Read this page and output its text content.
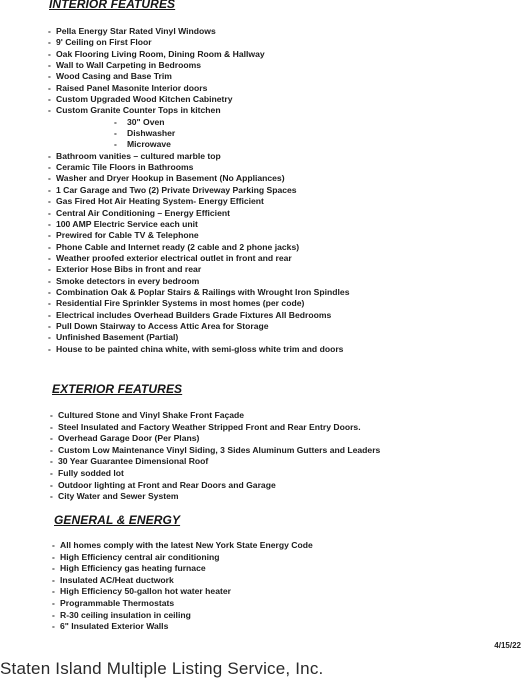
INTERIOR FEATURES
- Pella Energy Star Rated Vinyl Windows
- 9' Ceiling on First Floor
- Oak Flooring Living Room, Dining Room & Hallway
- Wall to Wall Carpeting in Bedrooms
- Wood Casing and Base Trim
- Raised Panel Masonite Interior doors
- Custom Upgraded Wood Kitchen Cabinetry
- Custom Granite Counter Tops in kitchen
- 30" Oven
- Dishwasher
- Microwave
- Bathroom vanities – cultured marble top
- Ceramic Tile Floors in Bathrooms
- Washer and Dryer Hookup in Basement (No Appliances)
- 1 Car Garage and Two (2) Private Driveway Parking Spaces
- Gas Fired Hot Air Heating System- Energy Efficient
- Central Air Conditioning – Energy Efficient
- 100 AMP Electric Service each unit
- Prewired for Cable TV & Telephone
- Phone Cable and Internet ready (2 cable and 2 phone jacks)
- Weather proofed exterior electrical outlet in front and rear
- Exterior Hose Bibs in front and rear
- Smoke detectors in every bedroom
- Combination Oak & Poplar Stairs & Railings with Wrought Iron Spindles
- Residential Fire Sprinkler Systems in most homes (per code)
- Electrical includes Overhead Builders Grade Fixtures All Bedrooms
- Pull Down Stairway to Access Attic Area for Storage
- Unfinished Basement (Partial)
- House to be painted china white, with semi-gloss white trim and doors
EXTERIOR FEATURES
- Cultured Stone and Vinyl Shake Front Façade
- Steel Insulated and Factory Weather Stripped Front and Rear Entry Doors.
- Overhead Garage Door (Per Plans)
- Custom Low Maintenance Vinyl Siding, 3 Sides Aluminum Gutters and Leaders
- 30 Year Guarantee Dimensional Roof
- Fully sodded lot
- Outdoor lighting at Front and Rear Doors and Garage
- City Water and Sewer System
GENERAL & ENERGY
- All homes comply with the latest New York State Energy Code
- High Efficiency central air conditioning
- High Efficiency gas heating furnace
- Insulated AC/Heat ductwork
- High Efficiency 50-gallon hot water heater
- Programmable Thermostats
- R-30 ceiling insulation in ceiling
- 6" Insulated Exterior Walls
4/15/22
Staten Island Multiple Listing Service, Inc.
